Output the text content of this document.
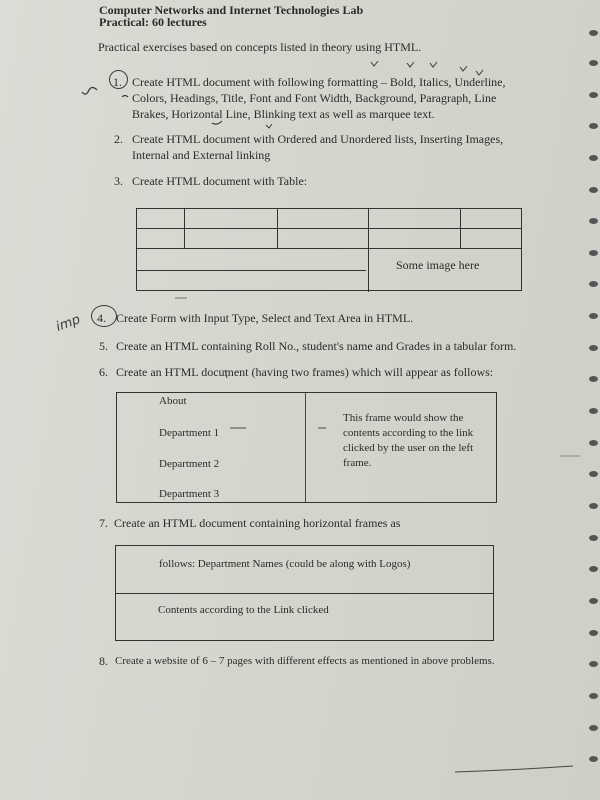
Computer Networks and Internet Technologies Lab
Practical: 60 lectures
Practical exercises based on concepts listed in theory using HTML.
1. Create HTML document with following formatting – Bold, Italics, Underline,
Colors, Headings, Title, Font and Font Width, Background, Paragraph, Line
Brakes, Horizontal Line, Blinking text as well as marquee text.
2. Create HTML document with Ordered and Unordered lists, Inserting Images,
Internal and External linking
3. Create HTML document with Table:
Some image here
4. Create Form with Input Type, Select and Text Area in HTML.
5. Create an HTML containing Roll No., student's name and Grades in a tabular form.
6. Create an HTML document (having two frames) which will appear as follows:
About
Department 1
Department 2
Department 3
This frame would show the contents according to the link clicked by the user on the left frame.
7. Create an HTML document containing horizontal frames as
follows: Department Names (could be along with Logos)
Contents according to the Link clicked
8. Create a website of 6 – 7 pages with different effects as mentioned in above problems.
imp
